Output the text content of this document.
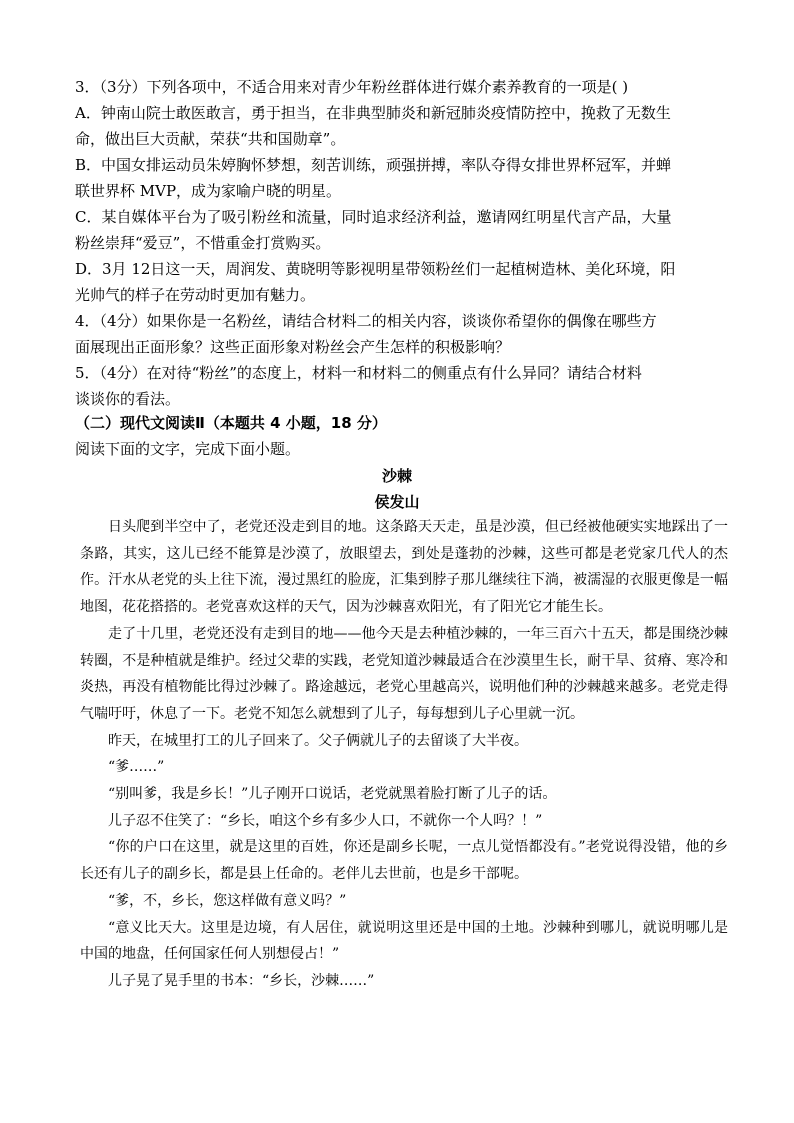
3．（3分）下列各项中，不适合用来对青少年粉丝群体进行媒介素养教育的一项是( )
A．钟南山院士敢医敢言，勇于担当，在非典型肺炎和新冠肺炎疫情防控中，挽救了无数生
命，做出巨大贡献，荣获“共和国勋章”。
B．中国女排运动员朱婷胸怀梦想，刻苦训练，顽强拼搏，率队夺得女排世界杯冠军，并蝉
联世界杯 MVP，成为家喻户晓的明星。
C．某自媒体平台为了吸引粉丝和流量，同时追求经济利益，邀请网红明星代言产品，大量
粉丝崇拜“爱豆”，不惜重金打赏购买。
D．3月 12日这一天，周润发、黄晓明等影视明星带领粉丝们一起植树造林、美化环境，阳
光帅气的样子在劳动时更加有魅力。
4．（4分）如果你是一名粉丝，请结合材料二的相关内容，谈谈你希望你的偶像在哪些方
面展现出正面形象？这些正面形象对粉丝会产生怎样的积极影响？
5．（4分）在对待“粉丝”的态度上，材料一和材料二的侧重点有什么异同？请结合材料
谈谈你的看法。
（二）现代文阅读Ⅱ（本题共 4 小题，18 分）
阅读下面的文字，完成下面小题。
沙棘
侯发山

日头爬到半空中了，老党还没走到目的地。这条路天天走，虽是沙漠，但已经被他硬实实地踩出了一条路，其实，这儿已经不能算是沙漠了，放眼望去，到处是蓬勃的沙棘，这些可都是老党家几代人的杰作。汗水从老党的头上往下流，漫过黑红的脸庞，汇集到脖子那儿继续往下淌，被濡湿的衣服更像是一幅地图，花花搭搭的。老党喜欢这样的天气，因为沙棘喜欢阳光，有了阳光它才能生长。

走了十几里，老党还没有走到目的地——他今天是去种植沙棘的，一年三百六十五天，都是围绕沙棘转圈，不是种植就是维护。经过父辈的实践，老党知道沙棘最适合在沙漠里生长，耐干旱、贫瘠、寒冷和炎热，再没有植物能比得过沙棘了。路途越远，老党心里越高兴，说明他们种的沙棘越来越多。老党走得气喘吁吁，休息了一下。老党不知怎么就想到了儿子，每每想到儿子心里就一沉。

昨天，在城里打工的儿子回来了。父子俩就儿子的去留谈了大半夜。

“爹……”

“别叫爹，我是乡长！”儿子刚开口说话，老党就黑着脸打断了儿子的话。

儿子忍不住笑了：“乡长，咱这个乡有多少人口，不就你一个人吗？！”

“你的户口在这里，就是这里的百姓，你还是副乡长呢，一点儿觉悟都没有。”老党说得没错，他的乡长还有儿子的副乡长，都是县上任命的。老伴儿去世前，也是乡干部呢。

“爹，不，乡长，您这样做有意义吗？”

“意义比天大。这里是边境，有人居住，就说明这里还是中国的土地。沙棘种到哪儿，就说明哪儿是中国的地盘，任何国家任何人别想侵占！”

儿子晃了晃手里的书本：“乡长，沙棘……”
